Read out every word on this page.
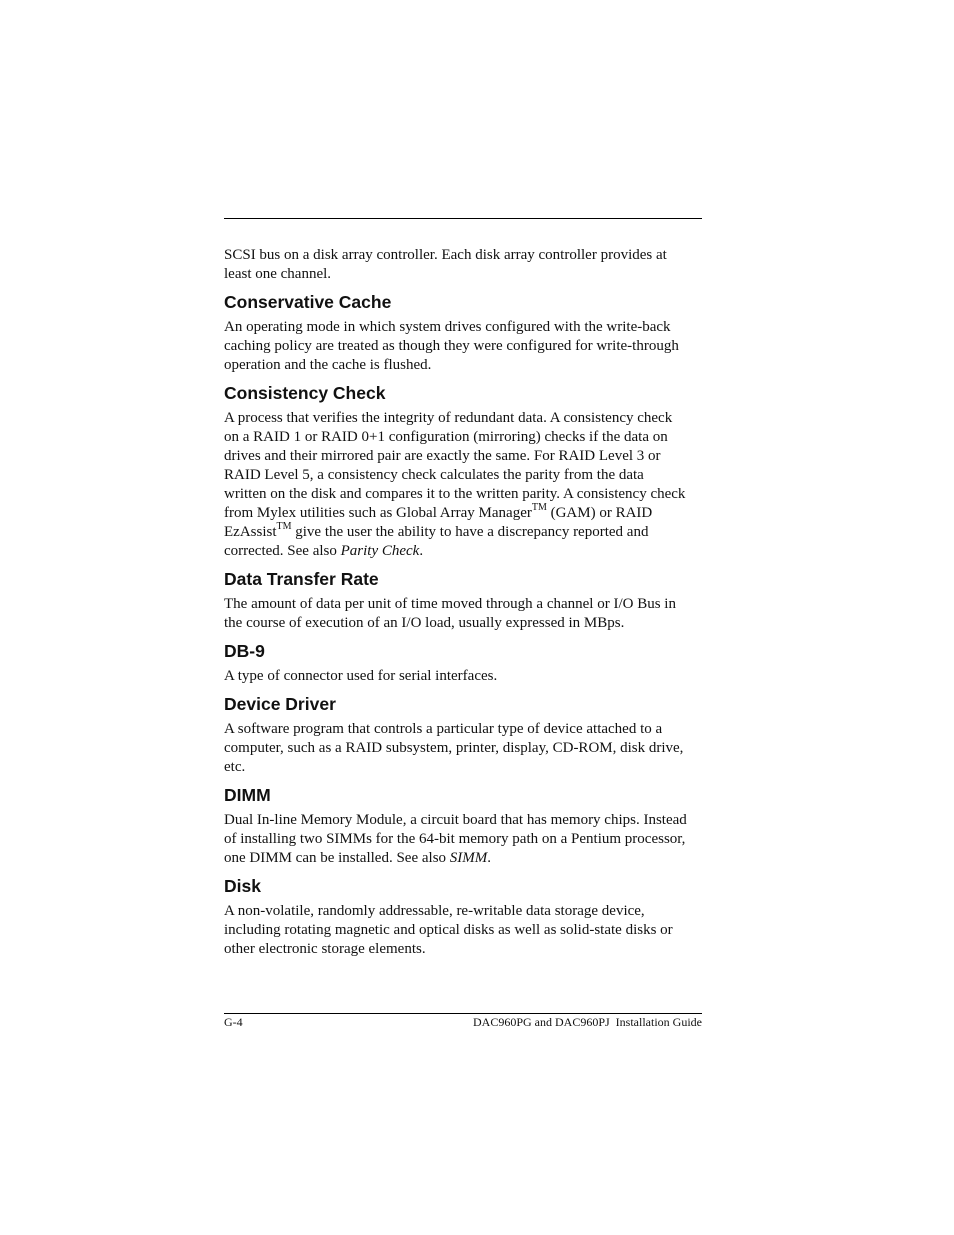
SCSI bus on a disk array controller. Each disk array controller provides at
least one channel.

Conservative Cache

An operating mode in which system drives configured with the write-back
caching policy are treated as though they were configured for write-through
operation and the cache is flushed.

Consistency Check

A process that verifies the integrity of redundant data. A consistency check
on a RAID 1 or RAID 0+1 configuration (mirroring) checks if the data on
drives and their mirrored pair are exactly the same. For RAID Level 3 or
RAID Level 5, a consistency check calculates the parity from the data
written on the disk and compares it to the written parity. A consistency check
from Mylex utilities such as Global Array Manager™ (GAM) or RAID
EzAssist™ give the user the ability to have a discrepancy reported and
corrected. See also Parity Check.

Data Transfer Rate

The amount of data per unit of time moved through a channel or I/O Bus in
the course of execution of an I/O load, usually expressed in MBps.

DB-9

A type of connector used for serial interfaces.

Device Driver

A software program that controls a particular type of device attached to a
computer, such as a RAID subsystem, printer, display, CD-ROM, disk drive,
etc.

DIMM

Dual In-line Memory Module, a circuit board that has memory chips. Instead
of installing two SIMMs for the 64-bit memory path on a Pentium processor,
one DIMM can be installed. See also SIMM.

Disk

A non-volatile, randomly addressable, re-writable data storage device,
including rotating magnetic and optical disks as well as solid-state disks or
other electronic storage elements.

G-4	DAC960PG and DAC960PJ  Installation Guide
